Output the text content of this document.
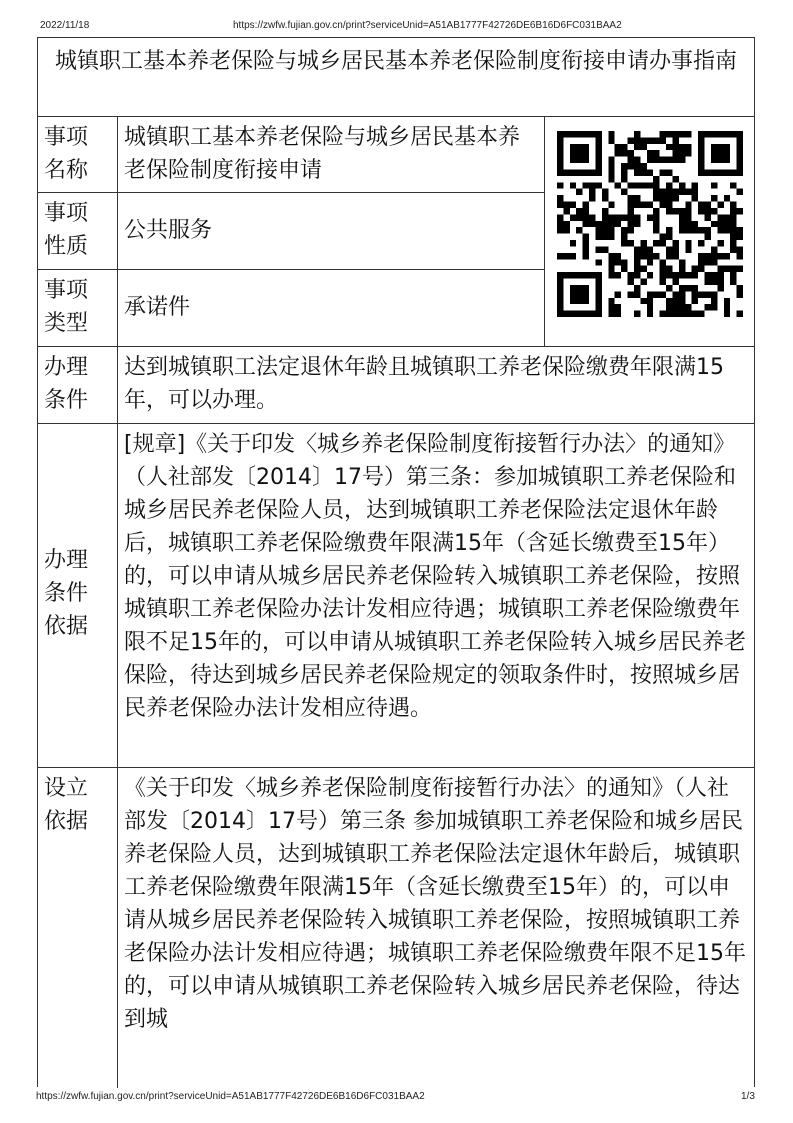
2022/11/18	https://zwfw.fujian.gov.cn/print?serviceUnid=A51AB1777F42726DE6B16D6FC031BAA2
城镇职工基本养老保险与城乡居民基本养老保险制度衔接申请办事指南
事项
名称
城镇职工基本养老保险与城乡居民基本养老保险制度衔接申请
事项
性质
公共服务
事项
类型
承诺件
办理
条件
达到城镇职工法定退休年龄且城镇职工养老保险缴费年限满15年，可以办理。
办理
条件
依据
[规章]《关于印发〈城乡养老保险制度衔接暂行办法〉的通知》（人社部发〔2014〕17号）第三条：参加城镇职工养老保险和城乡居民养老保险人员，达到城镇职工养老保险法定退休年龄后，城镇职工养老保险缴费年限满15年（含延长缴费至15年）的，可以申请从城乡居民养老保险转入城镇职工养老保险，按照城镇职工养老保险办法计发相应待遇；城镇职工养老保险缴费年限不足15年的，可以申请从城镇职工养老保险转入城乡居民养老保险，待达到城乡居民养老保险规定的领取条件时，按照城乡居民养老保险办法计发相应待遇。
设立
依据
《关于印发〈城乡养老保险制度衔接暂行办法〉的通知》（人社部发〔2014〕17号）第三条 参加城镇职工养老保险和城乡居民养老保险人员，达到城镇职工养老保险法定退休年龄后，城镇职工养老保险缴费年限满15年（含延长缴费至15年）的，可以申请从城乡居民养老保险转入城镇职工养老保险，按照城镇职工养老保险办法计发相应待遇；城镇职工养老保险缴费年限不足15年的，可以申请从城镇职工养老保险转入城乡居民养老保险，待达到城
https://zwfw.fujian.gov.cn/print?serviceUnid=A51AB1777F42726DE6B16D6FC031BAA2	1/3
